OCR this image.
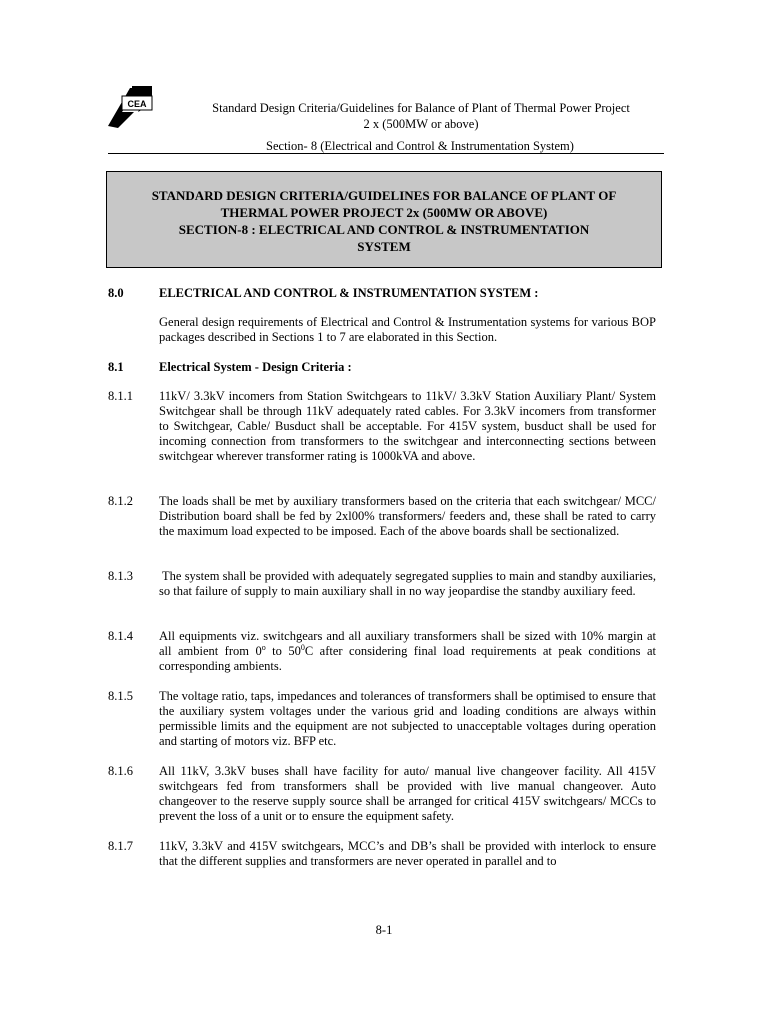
CEA	Standard Design Criteria/Guidelines for Balance of Plant of Thermal Power Project
2 x (500MW or above)
Section- 8 (Electrical and Control & Instrumentation System)
STANDARD DESIGN CRITERIA/GUIDELINES FOR BALANCE OF PLANT OF
THERMAL POWER PROJECT 2x (500MW OR ABOVE)
SECTION-8 : ELECTRICAL AND CONTROL & INSTRUMENTATION
SYSTEM
8.0	ELECTRICAL AND CONTROL & INSTRUMENTATION SYSTEM :
General design requirements of Electrical and Control & Instrumentation systems for various BOP packages described in Sections 1 to 7 are elaborated in this Section.
8.1	Electrical System - Design Criteria :
8.1.1 11kV/ 3.3kV incomers from Station Switchgears to 11kV/ 3.3kV Station Auxiliary Plant/ System Switchgear shall be through 11kV adequately rated cables. For 3.3kV incomers from transformer to Switchgear, Cable/ Busduct shall be acceptable. For 415V system, busduct shall be used for incoming connection from transformers to the switchgear and interconnecting sections between switchgear wherever transformer rating is 1000kVA and above.
8.1.2 The loads shall be met by auxiliary transformers based on the criteria that each switchgear/ MCC/ Distribution board shall be fed by 2xl00% transformers/ feeders and, these shall be rated to carry the maximum load expected to be imposed. Each of the above boards shall be sectionalized.
8.1.3 The system shall be provided with adequately segregated supplies to main and standby auxiliaries, so that failure of supply to main auxiliary shall in no way jeopardise the standby auxiliary feed.
8.1.4 All equipments viz. switchgears and all auxiliary transformers shall be sized with 10% margin at all ambient from 0$^o$ to $50^0C$ after considering final load requirements at peak conditions at corresponding ambients.
8.1.5 The voltage ratio, taps, impedances and tolerances of transformers shall be optimised to ensure that the auxiliary system voltages under the various grid and loading conditions are always within permissible limits and the equipment are not subjected to unacceptable voltages during operation and starting of motors viz. BFP etc.
8.1.6 All 11kV, 3.3kV buses shall have facility for auto/ manual live changeover facility. All 415V switchgears fed from transformers shall be provided with live manual changeover. Auto changeover to the reserve supply source shall be arranged for critical 415V switchgears/ MCCs to prevent the loss of a unit or to ensure the equipment safety.
8.1.7 11kV, 3.3kV and 415V switchgears, MCC’s and DB’s shall be provided with interlock to ensure that the different supplies and transformers are never operated in parallel and to
8-1
